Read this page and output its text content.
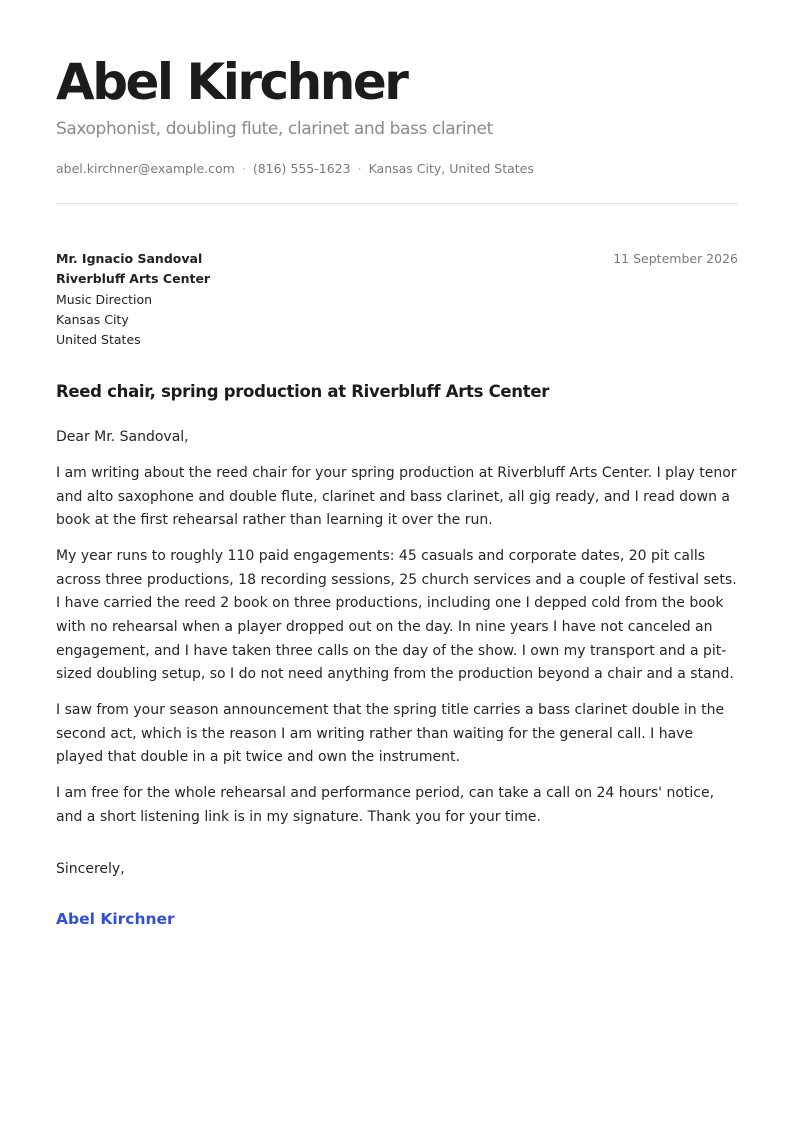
Abel Kirchner
Saxophonist, doubling flute, clarinet and bass clarinet
abel.kirchner@example.com · (816) 555-1623 · Kansas City, United States
Mr. Ignacio Sandoval
Riverbluff Arts Center
Music Direction
Kansas City
United States
11 September 2026
Reed chair, spring production at Riverbluff Arts Center

Dear Mr. Sandoval,

I am writing about the reed chair for your spring production at Riverbluff Arts Center. I play tenor and alto saxophone and double flute, clarinet and bass clarinet, all gig ready, and I read down a book at the first rehearsal rather than learning it over the run.

My year runs to roughly 110 paid engagements: 45 casuals and corporate dates, 20 pit calls across three productions, 18 recording sessions, 25 church services and a couple of festival sets. I have carried the reed 2 book on three productions, including one I depped cold from the book with no rehearsal when a player dropped out on the day. In nine years I have not canceled an engagement, and I have taken three calls on the day of the show. I own my transport and a pit-sized doubling setup, so I do not need anything from the production beyond a chair and a stand.

I saw from your season announcement that the spring title carries a bass clarinet double in the second act, which is the reason I am writing rather than waiting for the general call. I have played that double in a pit twice and own the instrument.

I am free for the whole rehearsal and performance period, can take a call on 24 hours' notice, and a short listening link is in my signature. Thank you for your time.

Sincerely,
Abel Kirchner
